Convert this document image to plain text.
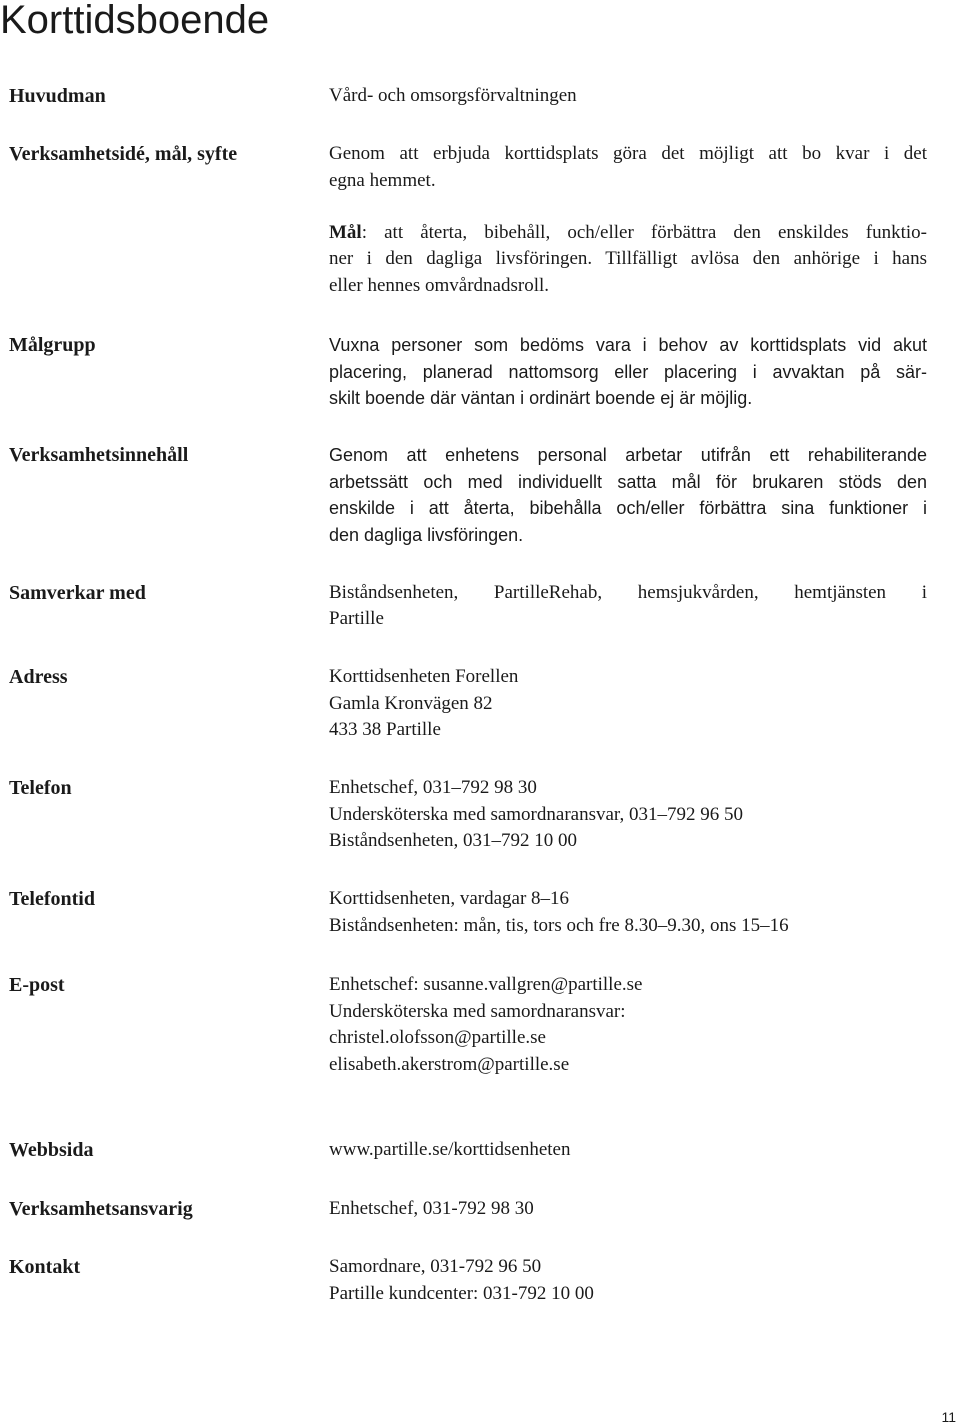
Korttidsboende
Huvudman	Vård- och omsorgsförvaltningen
Verksamhetsidé, mål, syfte	Genom att erbjuda korttidsplats göra det möjligt att bo kvar i det
egna hemmet.
Mål: att återta, bibehåll, och/eller förbättra den enskildes funktio-
ner i den dagliga livsföringen. Tillfälligt avlösa den anhörige i hans
eller hennes omvårdnadsroll.
Målgrupp	Vuxna personer som bedöms vara i behov av korttidsplats vid akut
placering, planerad nattomsorg eller placering i avvaktan på sär-
skilt boende där väntan i ordinärt boende ej är möjlig.
Verksamhetsinnehåll	Genom att enhetens personal arbetar utifrån ett rehabiliterande
arbetssätt och med individuellt satta mål för brukaren stöds den
enskilde i att återta, bibehålla och/eller förbättra sina funktioner i
den dagliga livsföringen.
Samverkar med	Biståndsenheten, PartilleRehab, hemsjukvården, hemtjänsten i
Partille
Adress	Korttidsenheten Forellen
Gamla Kronvägen 82
433 38 Partille
Telefon	Enhetschef, 031–792 98 30
Undersköterska med samordnaransvar, 031–792 96 50
Biståndsenheten, 031–792 10 00
Telefontid	Korttidsenheten, vardagar 8–16
Biståndsenheten: mån, tis, tors och fre 8.30–9.30, ons 15–16
E-post	Enhetschef: susanne.vallgren@partille.se
Undersköterska med samordnaransvar:
christel.olofsson@partille.se
elisabeth.akerstrom@partille.se
Webbsida	www.partille.se/korttidsenheten
Verksamhetsansvarig	Enhetschef, 031-792 98 30
Kontakt	Samordnare, 031-792 96 50
Partille kundcenter: 031-792 10 00
11
